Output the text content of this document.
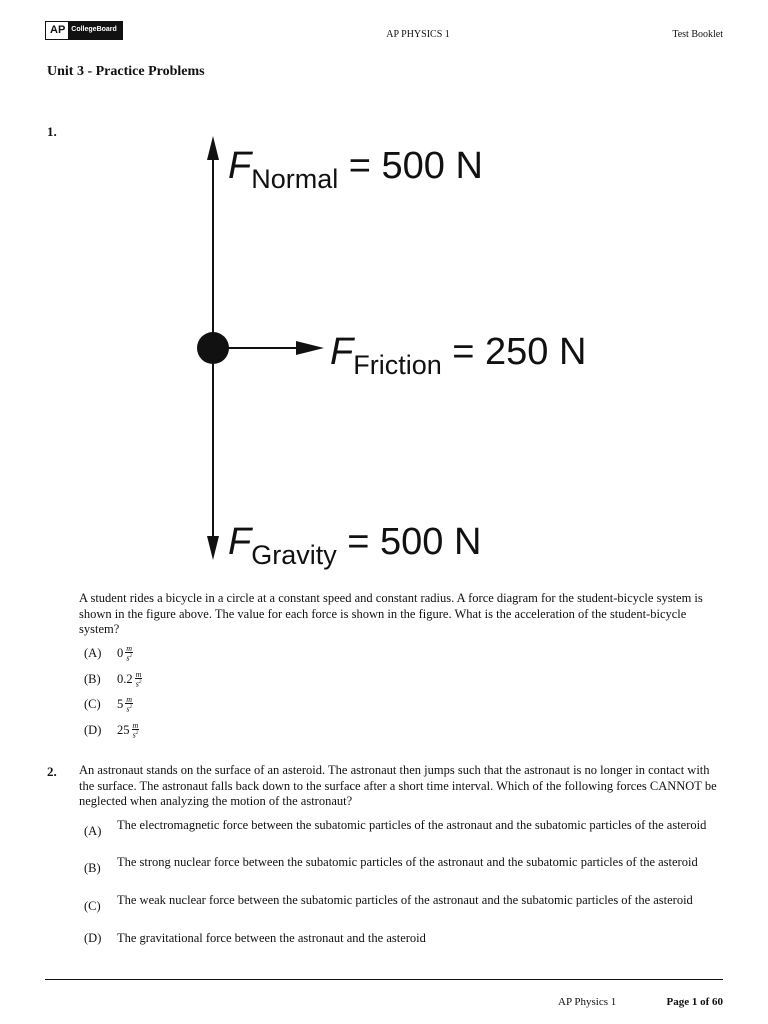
AP CollegeBoard	AP PHYSICS 1	Test Booklet
Unit 3 - Practice Problems
1.
$F_{Normal} = 500$ N
$F_{Friction} = 250$ N
$F_{Gravity} = 500$ N
A student rides a bicycle in a circle at a constant speed and constant radius. A force diagram for the student-bicycle system is shown in the figure above. The value for each force is shown in the figure. What is the acceleration of the student-bicycle system?
(A)	$0 \frac{m}{s^2}$
(B)	$0.2 \frac{m}{s^2}$
(C)	$5 \frac{m}{s^2}$
(D)	$25 \frac{m}{s^2}$
2. An astronaut stands on the surface of an asteroid. The astronaut then jumps such that the astronaut is no longer in contact with the surface. The astronaut falls back down to the surface after a short time interval. Which of the following forces CANNOT be neglected when analyzing the motion of the astronaut?
(A)	The electromagnetic force between the subatomic particles of the astronaut and the subatomic particles of the asteroid
(B)	The strong nuclear force between the subatomic particles of the astronaut and the subatomic particles of the asteroid
(C)	The weak nuclear force between the subatomic particles of the astronaut and the subatomic particles of the asteroid
(D)	The gravitational force between the astronaut and the asteroid
AP Physics 1	Page 1 of 60
